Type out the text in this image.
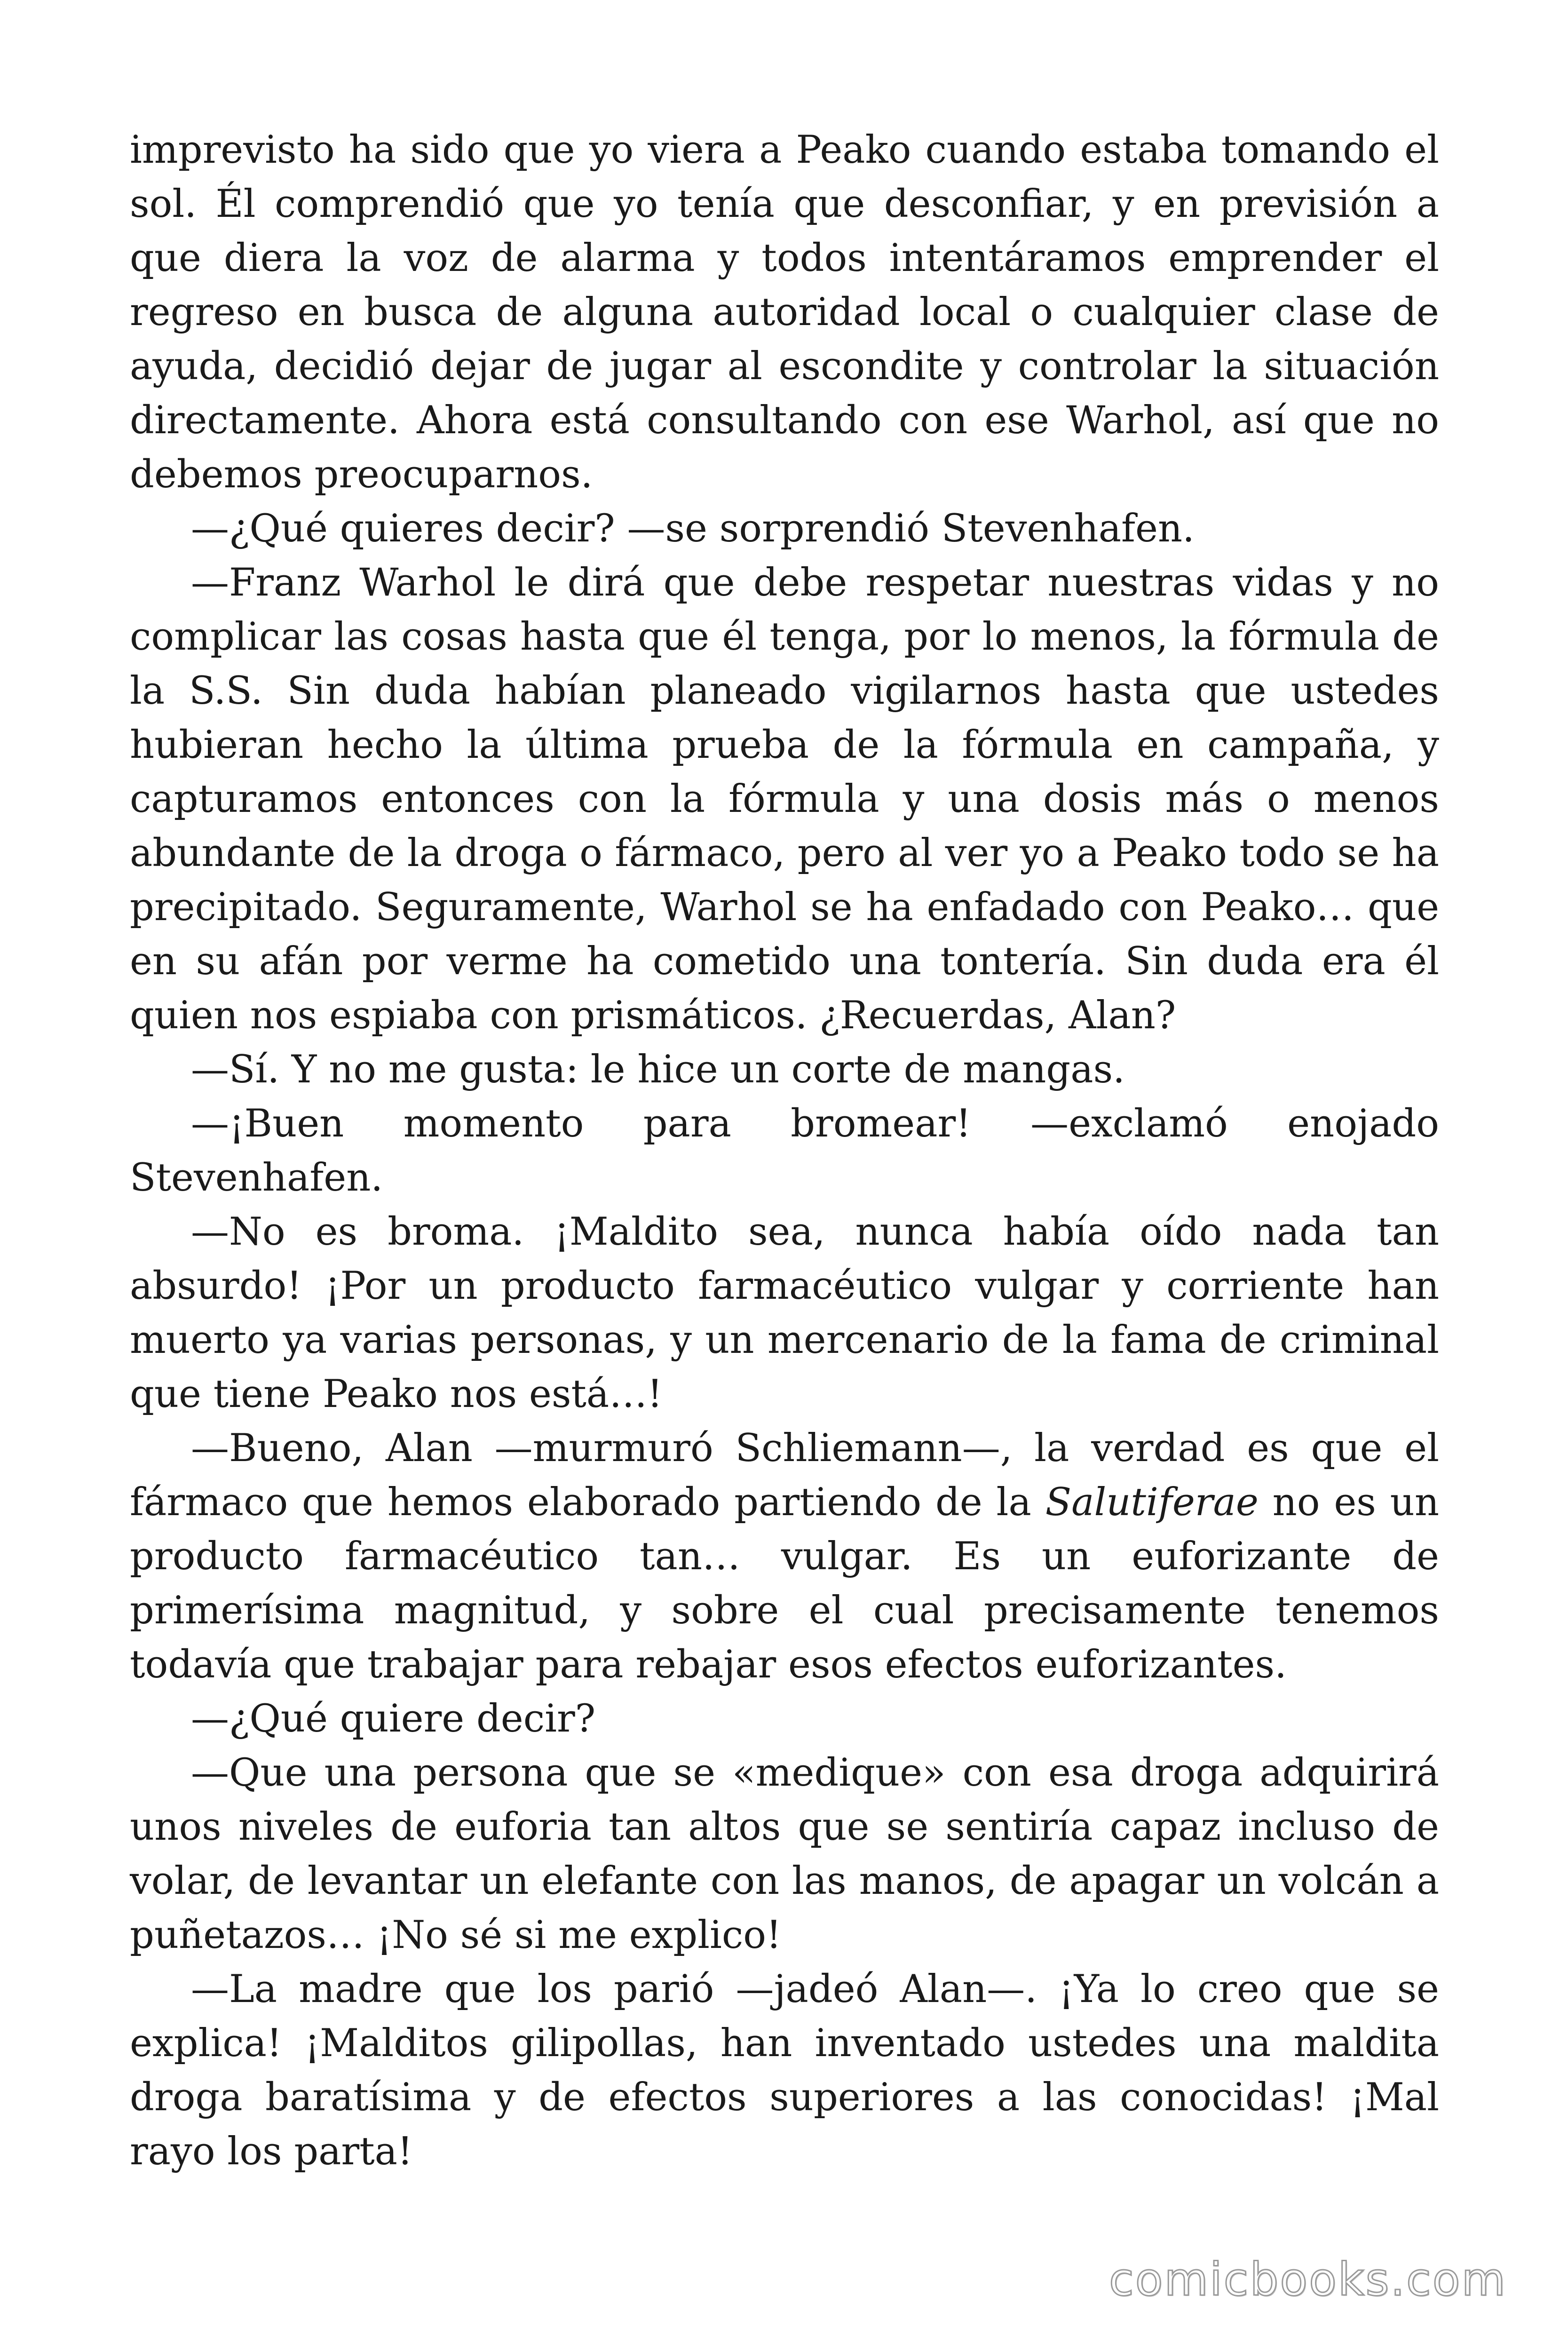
imprevisto ha sido que yo viera a Peako cuando estaba tomando el sol. Él comprendió que yo tenía que desconfiar, y en previsión a que diera la voz de alarma y todos intentáramos emprender el regreso en busca de alguna autoridad local o cualquier clase de ayuda, decidió dejar de jugar al escondite y controlar la situación directamente. Ahora está consultando con ese Warhol, así que no debemos preocuparnos.

—¿Qué quieres decir? —se sorprendió Stevenhafen.

—Franz Warhol le dirá que debe respetar nuestras vidas y no complicar las cosas hasta que él tenga, por lo menos, la fórmula de la S.S. Sin duda habían planeado vigilarnos hasta que ustedes hubieran hecho la última prueba de la fórmula en campaña, y capturamos entonces con la fórmula y una dosis más o menos abundante de la droga o fármaco, pero al ver yo a Peako todo se ha precipitado. Seguramente, Warhol se ha enfadado con Peako… que en su afán por verme ha cometido una tontería. Sin duda era él quien nos espiaba con prismáticos. ¿Recuerdas, Alan?

—Sí. Y no me gusta: le hice un corte de mangas.

—¡Buen momento para bromear! —exclamó enojado Stevenhafen.

—No es broma. ¡Maldito sea, nunca había oído nada tan absurdo! ¡Por un producto farmacéutico vulgar y corriente han muerto ya varias personas, y un mercenario de la fama de criminal que tiene Peako nos está…!

—Bueno, Alan —murmuró Schliemann—, la verdad es que el fármaco que hemos elaborado partiendo de la Salutiferae no es un producto farmacéutico tan… vulgar. Es un euforizante de primerísima magnitud, y sobre el cual precisamente tenemos todavía que trabajar para rebajar esos efectos euforizantes.

—¿Qué quiere decir?

—Que una persona que se «medique» con esa droga adquirirá unos niveles de euforia tan altos que se sentiría capaz incluso de volar, de levantar un elefante con las manos, de apagar un volcán a puñetazos… ¡No sé si me explico!

—La madre que los parió —jadeó Alan—. ¡Ya lo creo que se explica! ¡Malditos gilipollas, han inventado ustedes una maldita droga baratísima y de efectos superiores a las conocidas! ¡Mal rayo los parta!

comicbooks.com
